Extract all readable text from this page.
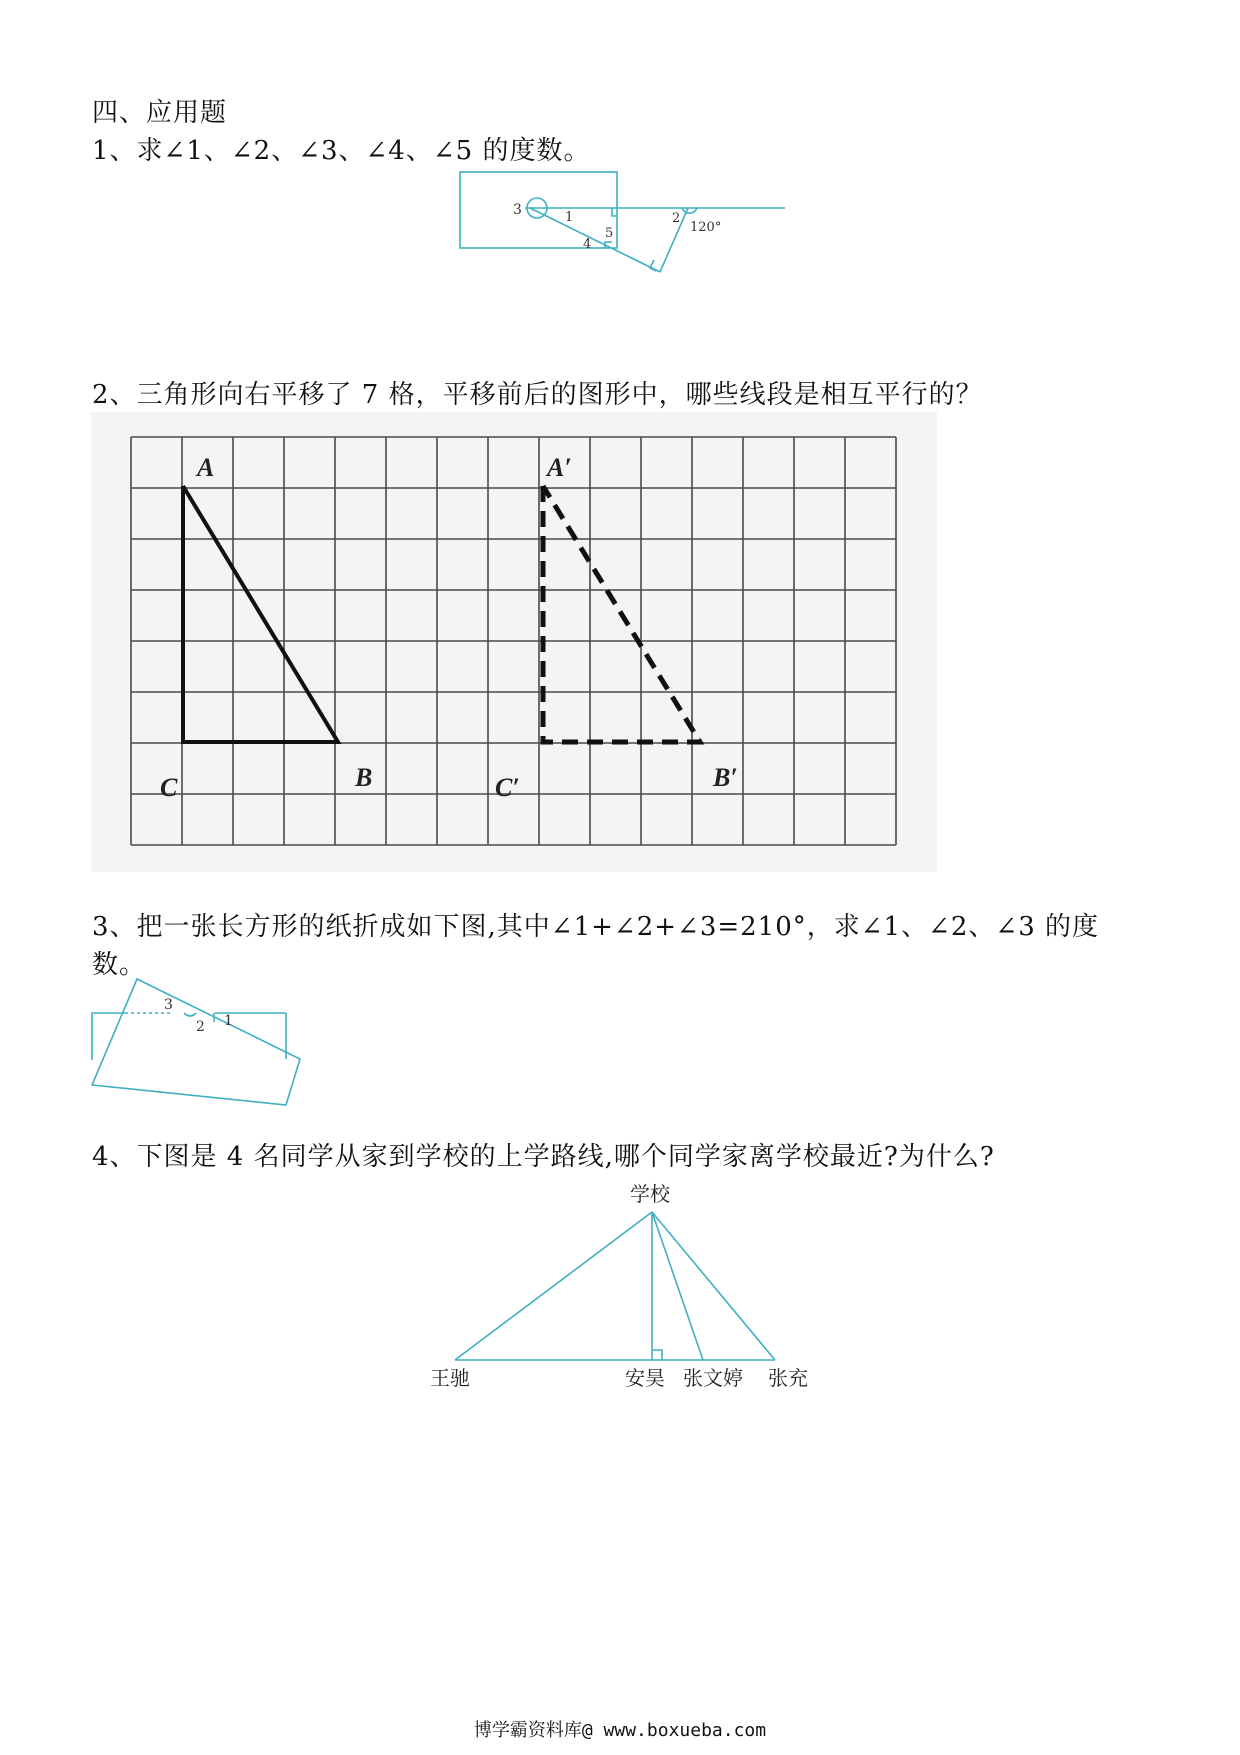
四、应用题
1、求∠1、∠2、∠3、∠4、∠5 的度数。
3	1
4
5
2
120°
2、三角形向右平移了 7 格，平移前后的图形中，哪些线段是相互平行的？
A
C	B
A′
C′	B′
3、把一张长方形的纸折成如下图,其中∠1+∠2+∠3=210°，求∠1、∠2、∠3 的度
数。
3
2 1
4、下图是 4 名同学从家到学校的上学路线,哪个同学家离学校最近?为什么?
学校
王驰	安昊 张文婷 张充
博学霸资料库@ www.boxueba.com
